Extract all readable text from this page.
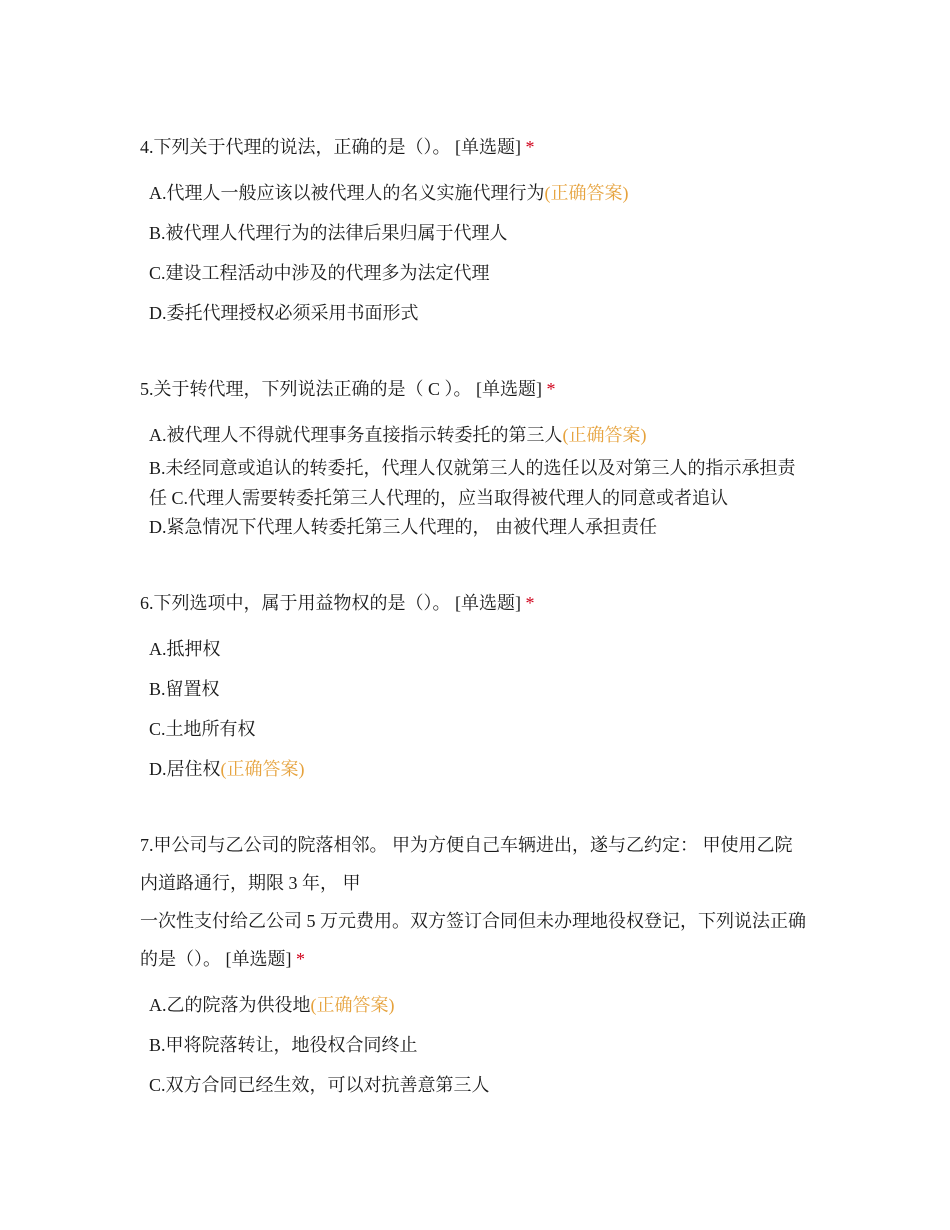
4.下列关于代理的说法，正确的是（）。 [单选题] *
A.代理人一般应该以被代理人的名义实施代理行为(正确答案)
B.被代理人代理行为的法律后果归属于代理人
C.建设工程活动中涉及的代理多为法定代理
D.委托代理授权必须采用书面形式
5.关于转代理，下列说法正确的是（ C ）。 [单选题] *
A.被代理人不得就代理事务直接指示转委托的第三人(正确答案)
B.未经同意或追认的转委托，代理人仅就第三人的选任以及对第三人的指示承担责任 C.代理人需要转委托第三人代理的，应当取得被代理人的同意或者追认
D.紧急情况下代理人转委托第三人代理的， 由被代理人承担责任
6.下列选项中，属于用益物权的是（）。 [单选题] *
A.抵押权
B.留置权
C.土地所有权
D.居住权(正确答案)
7.甲公司与乙公司的院落相邻。 甲为方便自己车辆进出，遂与乙约定： 甲使用乙院内道路通行，期限 3 年， 甲
一次性支付给乙公司 5 万元费用。双方签订合同但未办理地役权登记，下列说法正确的是（）。 [单选题] *
A.乙的院落为供役地(正确答案)
B.甲将院落转让，地役权合同终止
C.双方合同已经生效，可以对抗善意第三人
